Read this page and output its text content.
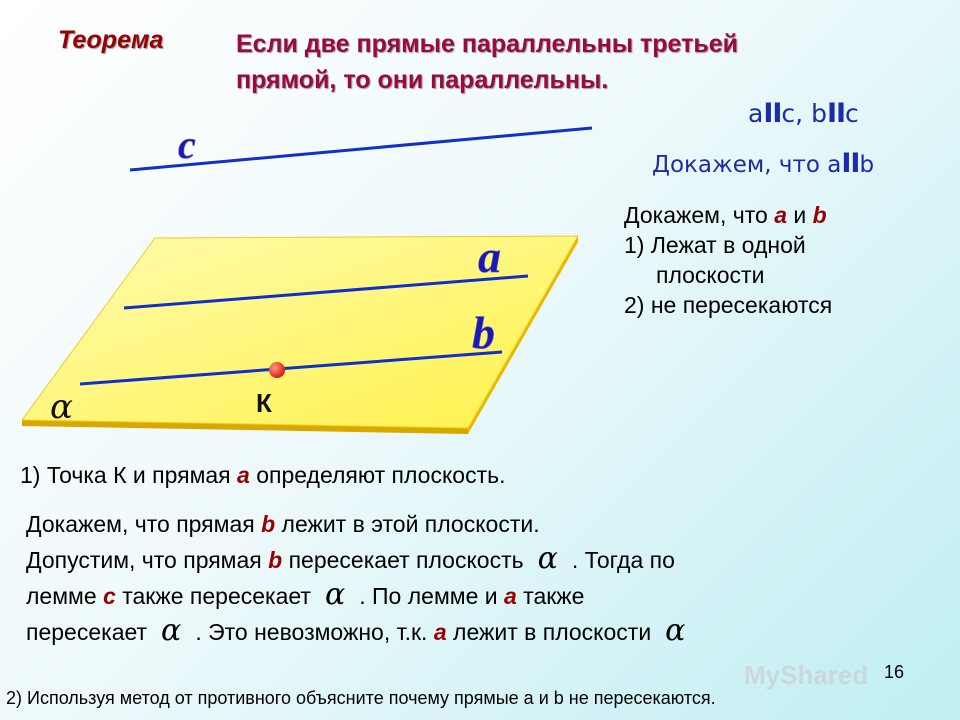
Теорема	Если две прямые параллельны третьей
прямой, то они параллельны.
aIIc, bIIc
Докажем, что aIIb
Докажем, что a и b
1) Лежат в одной
плоскости
2) не пересекаются
c
a
b
К
α
1) Точка К и прямая a определяют плоскость.
Докажем, что прямая b лежит в этой плоскости.
Допустим, что прямая b пересекает плоскость α . Тогда по
лемме c также пересекает α . По лемме и a также
пересекает α . Это невозможно, т.к. a лежит в плоскости α
MyShared 16
2) Используя метод от противного объясните почему прямые a и b не пересекаются.
